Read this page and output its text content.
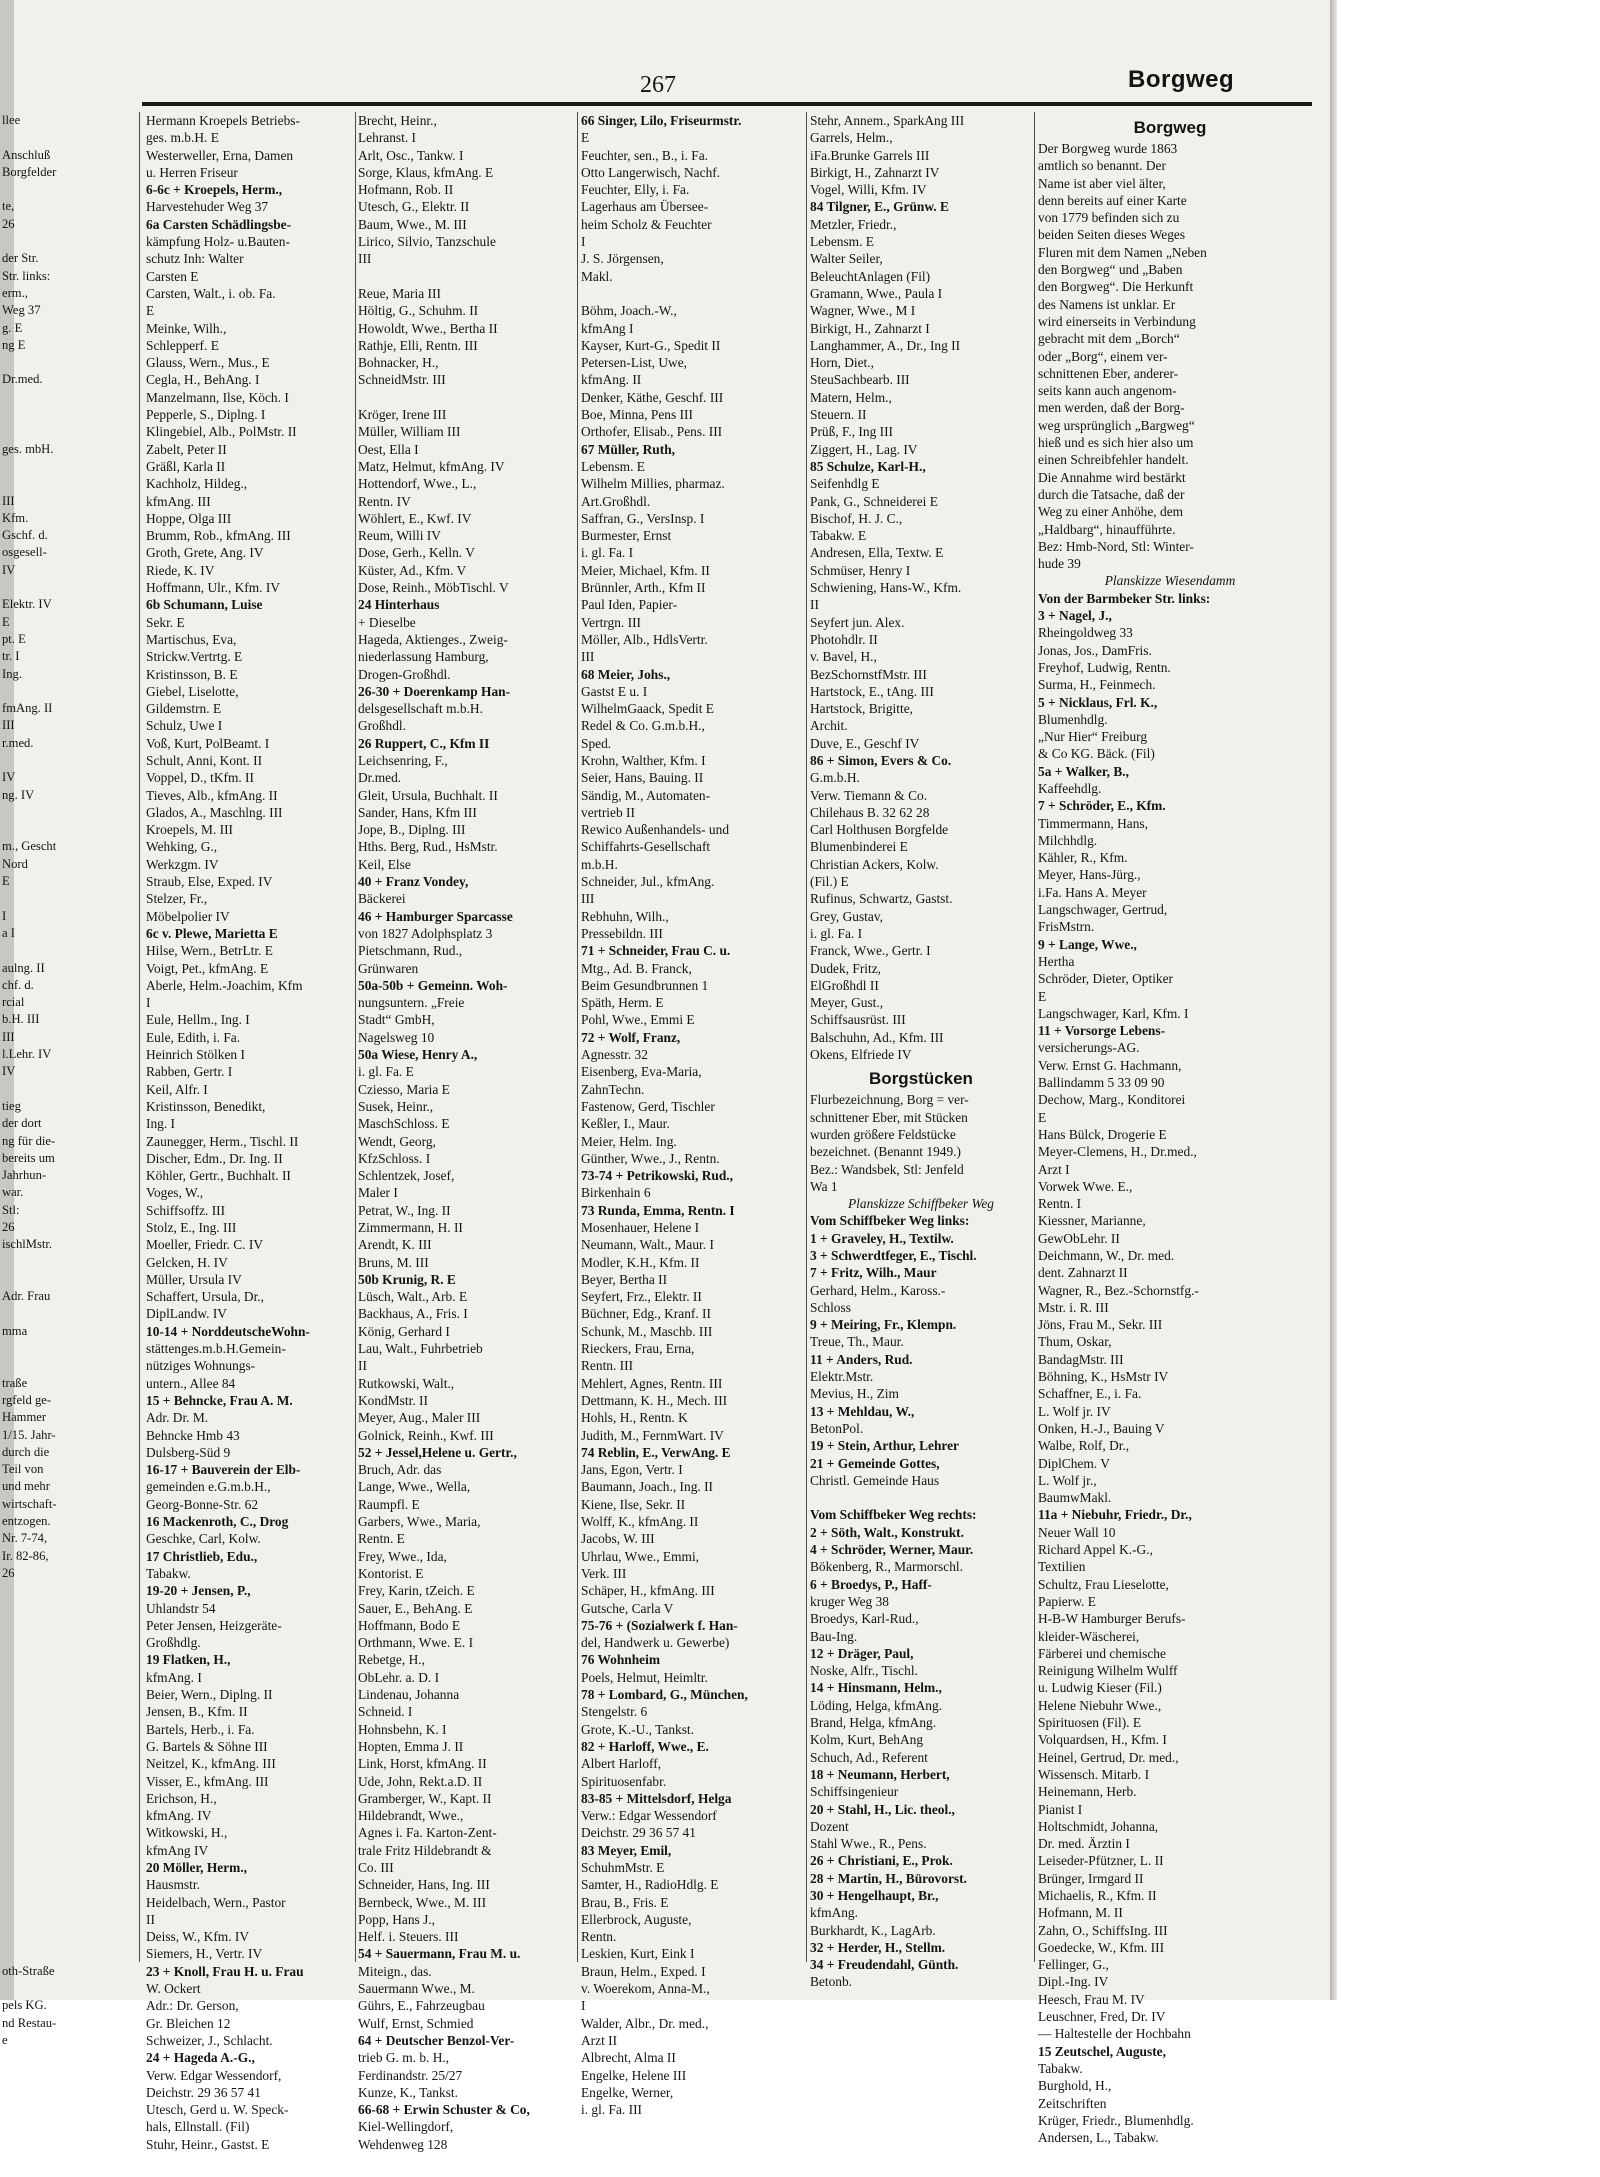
267	Borgweg
llee

Anschluß
Borgfelder

te,
26

der Str.
Str. links:
erm.,
Weg 37
g. E
ng E

Dr.med.

ges. mbH.

III
Kfm.
Gschf. d.
osgesell-
IV

Elektr. IV
E
pt. E
tr. I
Ing.

fmAng. II
III
r.med.

IV
ng. IV

m., Gescht
Nord
E

I
a I

aulng. II
chf. d.
rcial
b.H. III
III
l.Lehr. IV
IV

tieg
der dort
ng für die-
bereits um
Jahrhun-
war.
Stl:
26
ischlMstr.

Adr. Frau

mma

traße
rgfeld ge-
Hammer
1/15. Jahr-
durch die
Teil von
und mehr
wirtschaft-
entzogen.
Nr. 7-74,
Ir. 82-86,
26

oth-Straße

pels KG.
nd Restau-
e
Hermann Kroepels Betriebs-
ges. m.b.H. E
Westerweller, Erna, Damen
u. Herren Friseur
6-6c + Kroepels, Herm.,
Harvestehuder Weg 37
6a Carsten Schädlingsbe-
kämpfung Holz- u.Bauten-
schutz Inh: Walter
Carsten E
Carsten, Walt., i. ob. Fa.
E
Meinke, Wilh.,
Schlepperf. E
Glauss, Wern., Mus., E
Cegla, H., BehAng. I
Manzelmann, Ilse, Köch. I
Pepperle, S., Diplng. I
Klingebiel, Alb., PolMstr. II
Zabelt, Peter II
Gräßl, Karla II
Kachholz, Hildeg.,
kfmAng. III
Hoppe, Olga III
Brumm, Rob., kfmAng. III
Groth, Grete, Ang. IV
Riede, K. IV
Hoffmann, Ulr., Kfm. IV
6b Schumann, Luise
Sekr. E
Martischus, Eva,
Strickw.Vertrtg. E
Kristinsson, B. E
Giebel, Liselotte,
Gildemstrn. E
Schulz, Uwe I
Voß, Kurt, PolBeamt. I
Schult, Anni, Kont. II
Voppel, D., tKfm. II
Tieves, Alb., kfmAng. II
Glados, A., Maschlng. III
Kroepels, M. III
Wehking, G.,
Werkzgm. IV
Straub, Else, Exped. IV
Stelzer, Fr.,
Möbelpolier IV
6c v. Plewe, Marietta E
Hilse, Wern., BetrLtr. E
Voigt, Pet., kfmAng. E
Aberle, Helm.-Joachim, Kfm
I
Eule, Hellm., Ing. I
Eule, Edith, i. Fa.
Heinrich Stölken I
Rabben, Gertr. I
Keil, Alfr. I
Kristinsson, Benedikt,
Ing. I
Zaunegger, Herm., Tischl. II
Discher, Edm., Dr. Ing. II
Köhler, Gertr., Buchhalt. II
Voges, W.,
Schiffsoffz. III
Stolz, E., Ing. III
Moeller, Friedr. C. IV
Gelcken, H. IV
Müller, Ursula IV
Schaffert, Ursula, Dr.,
DiplLandw. IV
10-14 + NorddeutscheWohn-
stättenges.m.b.H.Gemein-
nütziges Wohnungs-
untern., Allee 84
15 + Behncke, Frau A. M.
Adr. Dr. M.
Behncke Hmb 43
Dulsberg-Süd 9
16-17 + Bauverein der Elb-
gemeinden e.G.m.b.H.,
Georg-Bonne-Str. 62
16 Mackenroth, C., Drog
Geschke, Carl, Kolw.
17 Christlieb, Edu.,
Tabakw.
19-20 + Jensen, P.,
Uhlandstr 54
Peter Jensen, Heizgeräte-
Großhdlg.
19 Flatken, H.,
kfmAng. I
Beier, Wern., Diplng. II
Jensen, B., Kfm. II
Bartels, Herb., i. Fa.
G. Bartels & Söhne III
Neitzel, K., kfmAng. III
Visser, E., kfmAng. III
Erichson, H.,
kfmAng. IV
Witkowski, H.,
kfmAng IV
20 Möller, Herm.,
Hausmstr.
Heidelbach, Wern., Pastor
II
Deiss, W., Kfm. IV
Siemers, H., Vertr. IV
23 + Knoll, Frau H. u. Frau
W. Ockert
Adr.: Dr. Gerson,
Gr. Bleichen 12
Schweizer, J., Schlacht.
24 + Hageda A.-G.,
Verw. Edgar Wessendorf,
Deichstr. 29 36 57 41
Utesch, Gerd u. W. Speck-
hals, Ellnstall. (Fil)
Stuhr, Heinr., Gastst. E
Brecht, Heinr.,
Lehranst. I
Arlt, Osc., Tankw. I
Sorge, Klaus, kfmAng. E
Hofmann, Rob. II
Utesch, G., Elektr. II
Baum, Wwe., M. III
Lirico, Silvio, Tanzschule
III

Reue, Maria III
Höltig, G., Schuhm. II
Howoldt, Wwe., Bertha II
Rathje, Elli, Rentn. III
Bohnacker, H.,
SchneidMstr. III

Kröger, Irene III
Müller, William III
Oest, Ella I
Matz, Helmut, kfmAng. IV
Hottendorf, Wwe., L.,
Rentn. IV
Wöhlert, E., Kwf. IV
Reum, Willi IV
Dose, Gerh., Kelln. V
Küster, Ad., Kfm. V
Dose, Reinh., MöbTischl. V
24 Hinterhaus
+ Dieselbe
Hageda, Aktienges., Zweig-
niederlassung Hamburg,
Drogen-Großhdl.
26-30 + Doerenkamp Han-
delsgesellschaft m.b.H.
Großhdl.
26 Ruppert, C., Kfm II
Leichsenring, F.,
Dr.med.
Gleit, Ursula, Buchhalt. II
Sander, Hans, Kfm III
Jope, B., Diplng. III
Hths. Berg, Rud., HsMstr.
Keil, Else
40 + Franz Vondey,
Bäckerei
46 + Hamburger Sparcasse
von 1827 Adolphsplatz 3
Pietschmann, Rud.,
Grünwaren
50a-50b + Gemeinn. Woh-
nungsuntern. „Freie
Stadt“ GmbH,
Nagelsweg 10
50a Wiese, Henry A.,
i. gl. Fa. E
Cziesso, Maria E
Susek, Heinr.,
MaschSchloss. E
Wendt, Georg,
KfzSchloss. I
Schlentzek, Josef,
Maler I
Petrat, W., Ing. II
Zimmermann, H. II
Arendt, K. III
Bruns, M. III
50b Krunig, R. E
Lüsch, Walt., Arb. E
Backhaus, A., Fris. I
König, Gerhard I
Lau, Walt., Fuhrbetrieb
II
Rutkowski, Walt.,
KondMstr. II
Meyer, Aug., Maler III
Golnick, Reinh., Kwf. III
52 + Jessel,Helene u. Gertr.,
Bruch, Adr. das
Lange, Wwe., Wella,
Raumpfl. E
Garbers, Wwe., Maria,
Rentn. E
Frey, Wwe., Ida,
Kontorist. E
Frey, Karin, tZeich. E
Sauer, E., BehAng. E
Hoffmann, Bodo E
Orthmann, Wwe. E. I
Rebetge, H.,
ObLehr. a. D. I
Lindenau, Johanna
Schneid. I
Hohnsbehn, K. I
Hopten, Emma J. II
Link, Horst, kfmAng. II
Ude, John, Rekt.a.D. II
Gramberger, W., Kapt. II
Hildebrandt, Wwe.,
Agnes i. Fa. Karton-Zent-
trale Fritz Hildebrandt &
Co. III
Schneider, Hans, Ing. III
Bernbeck, Wwe., M. III
Popp, Hans J.,
Helf. i. Steuers. III
54 + Sauermann, Frau M. u.
Miteign., das.
Sauermann Wwe., M.
Gührs, E., Fahrzeugbau
Wulf, Ernst, Schmied
64 + Deutscher Benzol-Ver-
trieb G. m. b. H.,
Ferdinandstr. 25/27
Kunze, K., Tankst.
66-68 + Erwin Schuster & Co,
Kiel-Wellingdorf,
Wehdenweg 128
66 Singer, Lilo, Friseurmstr.
E
Feuchter, sen., B., i. Fa.
Otto Langerwisch, Nachf.
Feuchter, Elly, i. Fa.
Lagerhaus am Übersee-
heim Scholz & Feuchter
I
J. S. Jörgensen,
Makl.

Böhm, Joach.-W.,
kfmAng I
Kayser, Kurt-G., Spedit II
Petersen-List, Uwe,
kfmAng. II
Denker, Käthe, Geschf. III
Boe, Minna, Pens III
Orthofer, Elisab., Pens. III
67 Müller, Ruth,
Lebensm. E
Wilhelm Millies, pharmaz.
Art.Großhdl.
Saffran, G., VersInsp. I
Burmester, Ernst
i. gl. Fa. I
Meier, Michael, Kfm. II
Brünnler, Arth., Kfm II
Paul Iden, Papier-
Vertrgn. III
Möller, Alb., HdlsVertr.
III
68 Meier, Johs.,
Gastst E u. I
WilhelmGaack, Spedit E
Redel & Co. G.m.b.H.,
Sped.
Krohn, Walther, Kfm. I
Seier, Hans, Bauing. II
Sändig, M., Automaten-
vertrieb II
Rewico Außenhandels- und
Schiffahrts-Gesellschaft
m.b.H.
Schneider, Jul., kfmAng.
III
Rebhuhn, Wilh.,
Pressebildn. III
71 + Schneider, Frau C. u.
Mtg., Ad. B. Franck,
Beim Gesundbrunnen 1
Späth, Herm. E
Pohl, Wwe., Emmi E
72 + Wolf, Franz,
Agnesstr. 32
Eisenberg, Eva-Maria,
ZahnTechn.
Fastenow, Gerd, Tischler
Keßler, I., Maur.
Meier, Helm. Ing.
Günther, Wwe., J., Rentn.
73-74 + Petrikowski, Rud.,
Birkenhain 6
73 Runda, Emma, Rentn. I
Mosenhauer, Helene I
Neumann, Walt., Maur. I
Modler, K.H., Kfm. II
Beyer, Bertha II
Seyfert, Frz., Elektr. II
Büchner, Edg., Kranf. II
Schunk, M., Maschb. III
Rieckers, Frau, Erna,
Rentn. III
Mehlert, Agnes, Rentn. III
Dettmann, K. H., Mech. III
Hohls, H., Rentn. K
Judith, M., FernmWart. IV
74 Reblin, E., VerwAng. E
Jans, Egon, Vertr. I
Baumann, Joach., Ing. II
Kiene, Ilse, Sekr. II
Wolff, K., kfmAng. II
Jacobs, W. III
Uhrlau, Wwe., Emmi,
Verk. III
Schäper, H., kfmAng. III
Gutsche, Carla V
75-76 + (Sozialwerk f. Han-
del, Handwerk u. Gewerbe)
76 Wohnheim
Poels, Helmut, Heimltr.
78 + Lombard, G., München,
Stengelstr. 6
Grote, K.-U., Tankst.
82 + Harloff, Wwe., E.
Albert Harloff,
Spirituosenfabr.
83-85 + Mittelsdorf, Helga
Verw.: Edgar Wessendorf
Deichstr. 29 36 57 41
83 Meyer, Emil,
SchuhmMstr. E
Samter, H., RadioHdlg. E
Brau, B., Fris. E
Ellerbrock, Auguste,
Rentn.
Leskien, Kurt, Eink I
Braun, Helm., Exped. I
v. Woerekom, Anna-M.,
I
Walder, Albr., Dr. med.,
Arzt II
Albrecht, Alma II
Engelke, Helene III
Engelke, Werner,
i. gl. Fa. III
Stehr, Annem., SparkAng III
Garrels, Helm.,
iFa.Brunke Garrels III
Birkigt, H., Zahnarzt IV
Vogel, Willi, Kfm. IV
84 Tilgner, E., Grünw. E
Metzler, Friedr.,
Lebensm. E
Walter Seiler,
BeleuchtAnlagen (Fil)
Gramann, Wwe., Paula I
Wagner, Wwe., M I
Birkigt, H., Zahnarzt I
Langhammer, A., Dr., Ing II
Horn, Diet.,
SteuSachbearb. III
Matern, Helm.,
Steuern. II
Prüß, F., Ing III
Ziggert, H., Lag. IV
85 Schulze, Karl-H.,
Seifenhdlg E
Pank, G., Schneiderei E
Bischof, H. J. C.,
Tabakw. E
Andresen, Ella, Textw. E
Schmüser, Henry I
Schwiening, Hans-W., Kfm.
II
Seyfert jun. Alex.
Photohdlr. II
v. Bavel, H.,
BezSchornstfMstr. III
Hartstock, E., tAng. III
Hartstock, Brigitte,
Archit.
Duve, E., Geschf IV
86 + Simon, Evers & Co.
G.m.b.H.
Verw. Tiemann & Co.
Chilehaus B. 32 62 28
Carl Holthusen Borgfelde
Blumenbinderei E
Christian Ackers, Kolw.
(Fil.) E
Rufinus, Schwartz, Gastst.
Grey, Gustav,
i. gl. Fa. I
Franck, Wwe., Gertr. I
Dudek, Fritz,
ElGroßhdl II
Meyer, Gust.,
Schiffsausrüst. III
Balschuhn, Ad., Kfm. III
Okens, Elfriede IV
Borgstücken
Flurbezeichnung, Borg = ver-
schnittener Eber, mit Stücken
wurden größere Feldstücke
bezeichnet. (Benannt 1949.)
Bez.: Wandsbek, Stl: Jenfeld
Wa 1
Planskizze Schiffbeker Weg
Vom Schiffbeker Weg links:
1 + Graveley, H., Textilw.
3 + Schwerdtfeger, E., Tischl.
7 + Fritz, Wilh., Maur
Gerhard, Helm., Kaross.-
Schloss
9 + Meiring, Fr., Klempn.
Treue, Th., Maur.
11 + Anders, Rud.
Elektr.Mstr.
Mevius, H., Zim
13 + Mehldau, W.,
BetonPol.
19 + Stein, Arthur, Lehrer
21 + Gemeinde Gottes,
Christl. Gemeinde Haus

Vom Schiffbeker Weg rechts:
2 + Söth, Walt., Konstrukt.
4 + Schröder, Werner, Maur.
Bökenberg, R., Marmorschl.
6 + Broedys, P., Haff-
kruger Weg 38
Broedys, Karl-Rud.,
Bau-Ing.
12 + Dräger, Paul,
Noske, Alfr., Tischl.
14 + Hinsmann, Helm.,
Löding, Helga, kfmAng.
Brand, Helga, kfmAng.
Kolm, Kurt, BehAng
Schuch, Ad., Referent
18 + Neumann, Herbert,
Schiffsingenieur
20 + Stahl, H., Lic. theol.,
Dozent
Stahl Wwe., R., Pens.
26 + Christiani, E., Prok.
28 + Martin, H., Bürovorst.
30 + Hengelhaupt, Br.,
kfmAng.
Burkhardt, K., LagArb.
32 + Herder, H., Stellm.
34 + Freudendahl, Günth.
Betonb.
Borgweg
Der Borgweg wurde 1863
amtlich so benannt. Der
Name ist aber viel älter,
denn bereits auf einer Karte
von 1779 befinden sich zu
beiden Seiten dieses Weges
Fluren mit dem Namen „Neben
den Borgweg“ und „Baben
den Borgweg“. Die Herkunft
des Namens ist unklar. Er
wird einerseits in Verbindung
gebracht mit dem „Borch“
oder „Borg“, einem ver-
schnittenen Eber, anderer-
seits kann auch angenom-
men werden, daß der Borg-
weg ursprünglich „Bargweg“
hieß und es sich hier also um
einen Schreibfehler handelt.
Die Annahme wird bestärkt
durch die Tatsache, daß der
Weg zu einer Anhöhe, dem
„Haldbarg“, hinaufführte.
Bez: Hmb-Nord, Stl: Winter-
hude 39
Planskizze Wiesendamm
Von der Barmbeker Str. links:
3 + Nagel, J.,
Rheingoldweg 33
Jonas, Jos., DamFris.
Freyhof, Ludwig, Rentn.
Surma, H., Feinmech.
5 + Nicklaus, Frl. K.,
Blumenhdlg.
„Nur Hier“ Freiburg
& Co KG. Bäck. (Fil)
5a + Walker, B.,
Kaffeehdlg.
7 + Schröder, E., Kfm.
Timmermann, Hans,
Milchhdlg.
Kähler, R., Kfm.
Meyer, Hans-Jürg.,
i.Fa. Hans A. Meyer
Langschwager, Gertrud,
FrisMstrn.
9 + Lange, Wwe.,
Hertha
Schröder, Dieter, Optiker
E
Langschwager, Karl, Kfm. I
11 + Vorsorge Lebens-
versicherungs-AG.
Verw. Ernst G. Hachmann,
Ballindamm 5 33 09 90
Dechow, Marg., Konditorei
E
Hans Bülck, Drogerie E
Meyer-Clemens, H., Dr.med.,
Arzt I
Vorwek Wwe. E.,
Rentn. I
Kiessner, Marianne,
GewObLehr. II
Deichmann, W., Dr. med.
dent. Zahnarzt II
Wagner, R., Bez.-Schornstfg.-
Mstr. i. R. III
Jöns, Frau M., Sekr. III
Thum, Oskar,
BandagMstr. III
Böhning, K., HsMstr IV
Schaffner, E., i. Fa.
L. Wolf jr. IV
Onken, H.-J., Bauing V
Walbe, Rolf, Dr.,
DiplChem. V
L. Wolf jr.,
BaumwMakl.
11a + Niebuhr, Friedr., Dr.,
Neuer Wall 10
Richard Appel K.-G.,
Textilien
Schultz, Frau Lieselotte,
Papierw. E
H-B-W Hamburger Berufs-
kleider-Wäscherei,
Färberei und chemische
Reinigung Wilhelm Wulff
u. Ludwig Kieser (Fil.)
Helene Niebuhr Wwe.,
Spirituosen (Fil). E
Volquardsen, H., Kfm. I
Heinel, Gertrud, Dr. med.,
Wissensch. Mitarb. I
Heinemann, Herb.
Pianist I
Holtschmidt, Johanna,
Dr. med. Ärztin I
Leiseder-Pfützner, L. II
Brünger, Irmgard II
Michaelis, R., Kfm. II
Hofmann, M. II
Zahn, O., SchiffsIng. III
Goedecke, W., Kfm. III
Fellinger, G.,
Dipl.-Ing. IV
Heesch, Frau M. IV
Leuschner, Fred, Dr. IV
— Haltestelle der Hochbahn
15 Zeutschel, Auguste,
Tabakw.
Burghold, H.,
Zeitschriften
Krüger, Friedr., Blumenhdlg.
Andersen, L., Tabakw.
